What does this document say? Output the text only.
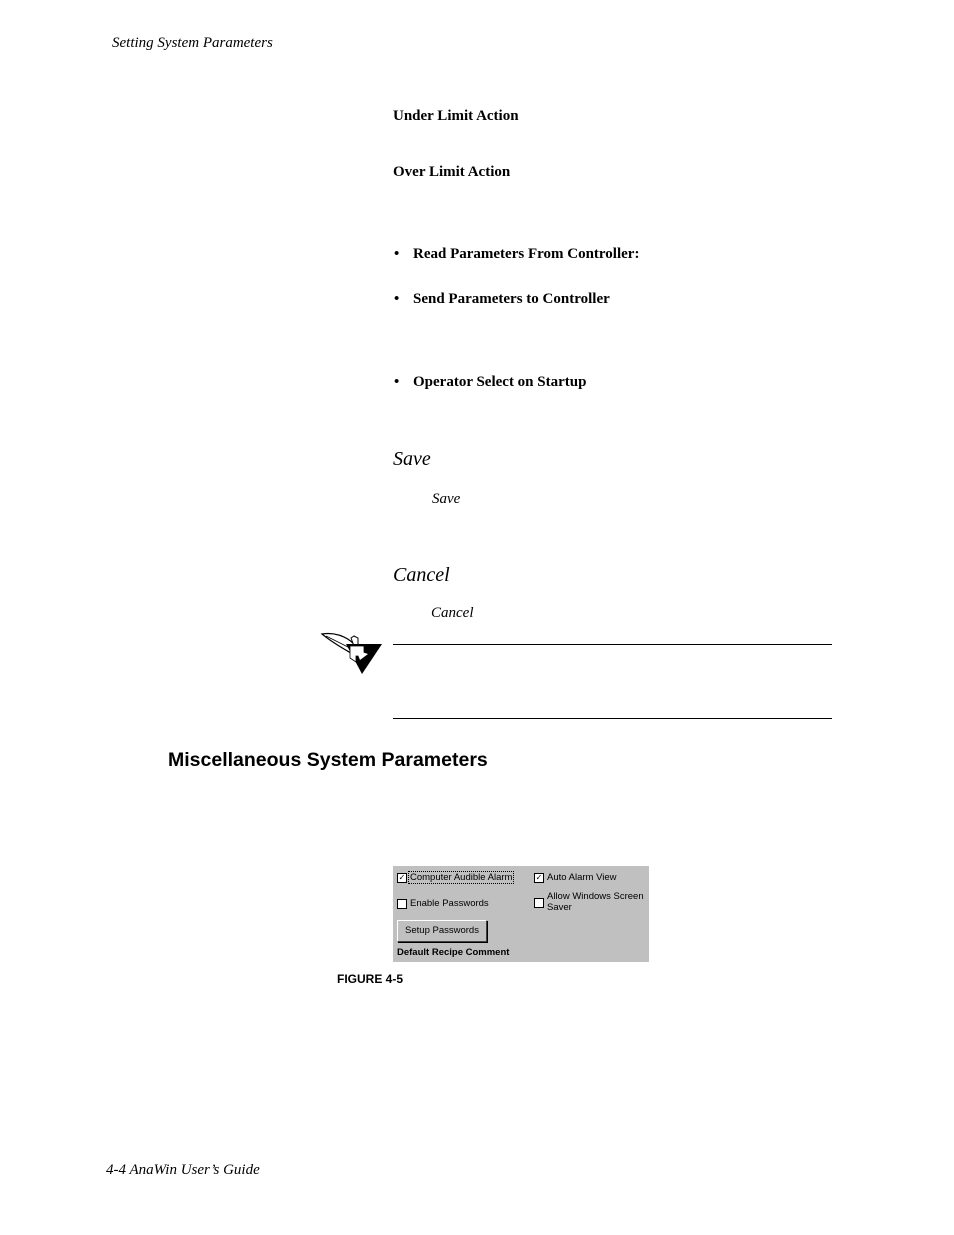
Setting System Parameters
Under Limit Action
Over Limit Action
• Read Parameters From Controller:
• Send Parameters to Controller
• Operator Select on Startup
Save
Save
Cancel
Cancel
Miscellaneous System Parameters
✓ Computer Audible Alarm	✓ Auto Alarm View
Enable Passwords
Allow Windows Screen
Saver
Setup Passwords
Default Recipe Comment
FIGURE 4-5
4-4 AnaWin User’s Guide
